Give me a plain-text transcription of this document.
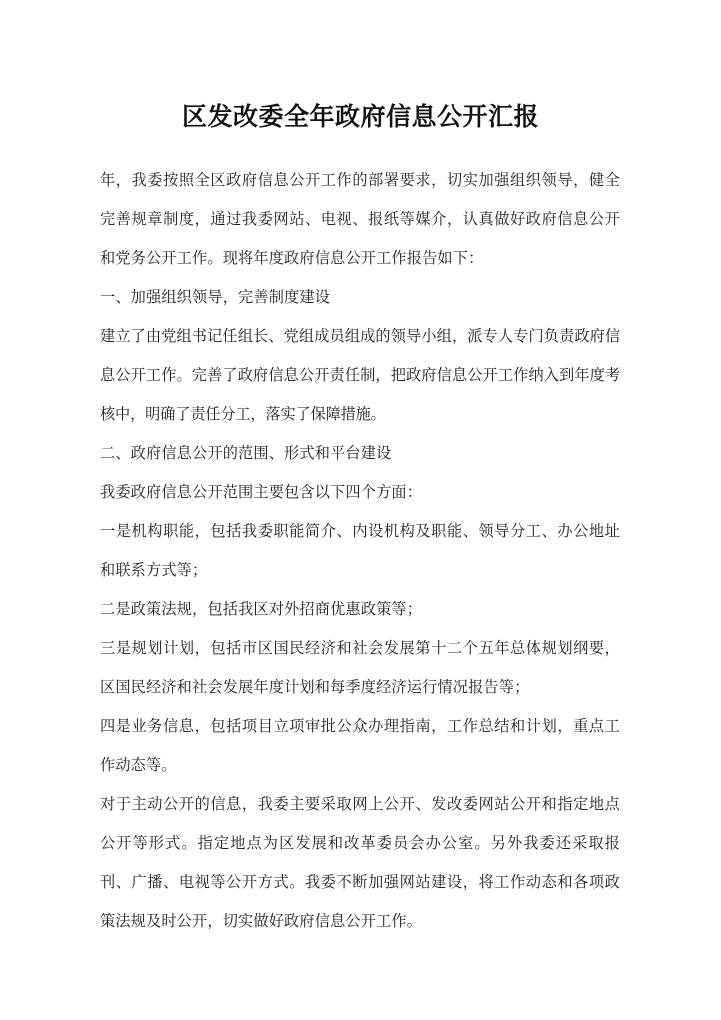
区发改委全年政府信息公开汇报

年，我委按照全区政府信息公开工作的部署要求，切实加强组织领导，健全完善规章制度，通过我委网站、电视、报纸等媒介，认真做好政府信息公开和党务公开工作。现将年度政府信息公开工作报告如下：

一、加强组织领导，完善制度建设

建立了由党组书记任组长、党组成员组成的领导小组，派专人专门负责政府信息公开工作。完善了政府信息公开责任制，把政府信息公开工作纳入到年度考核中，明确了责任分工，落实了保障措施。

二、政府信息公开的范围、形式和平台建设

我委政府信息公开范围主要包含以下四个方面：

一是机构职能，包括我委职能简介、内设机构及职能、领导分工、办公地址和联系方式等；

二是政策法规，包括我区对外招商优惠政策等；

三是规划计划，包括市区国民经济和社会发展第十二个五年总体规划纲要，区国民经济和社会发展年度计划和每季度经济运行情况报告等；

四是业务信息，包括项目立项审批公众办理指南，工作总结和计划，重点工作动态等。

对于主动公开的信息，我委主要采取网上公开、发改委网站公开和指定地点公开等形式。指定地点为区发展和改革委员会办公室。另外我委还采取报刊、广播、电视等公开方式。我委不断加强网站建设，将工作动态和各项政策法规及时公开，切实做好政府信息公开工作。
